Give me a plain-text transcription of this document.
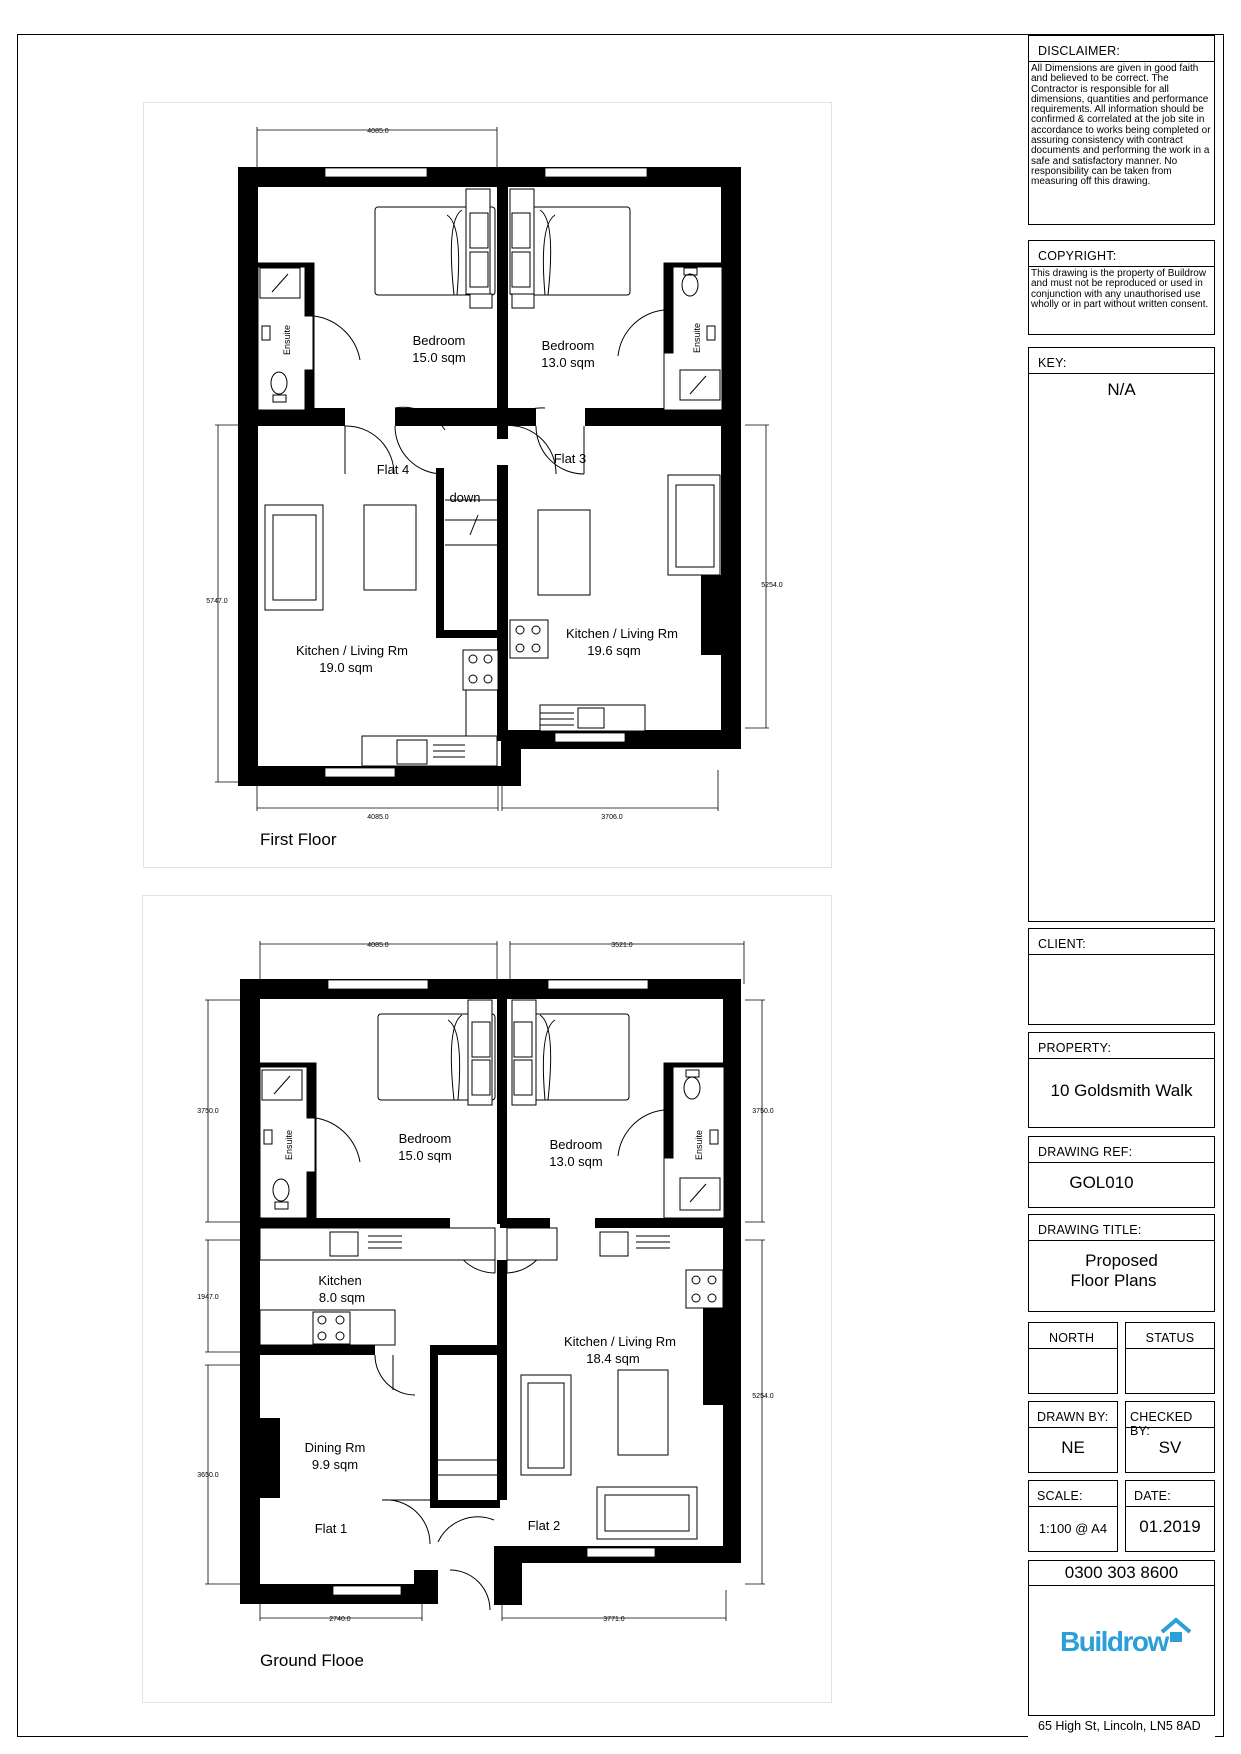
Bedroom
15.0 sqm
Bedroom
13.0 sqm
Kitchen / Living Rm
19.0 sqm
Kitchen / Living Rm
19.6 sqm
Flat 4
Flat 3
down
Ensuite	Ensuite
4085.0
5747.0
5254.0
4085.0	3706.0
Bedroom
15.0 sqm
Bedroom
13.0 sqm
Kitchen
8.0 sqm
Kitchen / Living Rm
18.4 sqm
Dining Rm
9.9 sqm
Flat 1	Flat 2
Ensuite	Ensuite
4085.0	3521.0
3750.0
1947.0
3650.0
3750.0
5254.0
2740.0	3771.0
First Floor
Ground Flooe
DISCLAIMER:
All Dimensions are given in good faith and believed to be correct. The Contractor is responsible for all dimensions, quantities and performance requirements. All information should be confirmed & correlated at the job site in accordance to works being completed or assuring consistency with contract documents and performing the work in a safe and satisfactory manner. No responsibility can be taken from measuring off this drawing.
COPYRIGHT:
This drawing is the property of Buildrow and must not be reproduced or used in conjunction with any unauthorised use wholly or in part without written consent.
KEY:
N/A
CLIENT:
PROPERTY:
10 Goldsmith Walk
DRAWING REF:
GOL010
DRAWING TITLE:
Proposed
Floor Plans
NORTH	STATUS
DRAWN BY:
NE
CHECKED BY:
SV
SCALE:
1:100 @ A4
DATE:
01.2019
0300 303 8600
Buildrow
65 High St, Lincoln, LN5 8AD
